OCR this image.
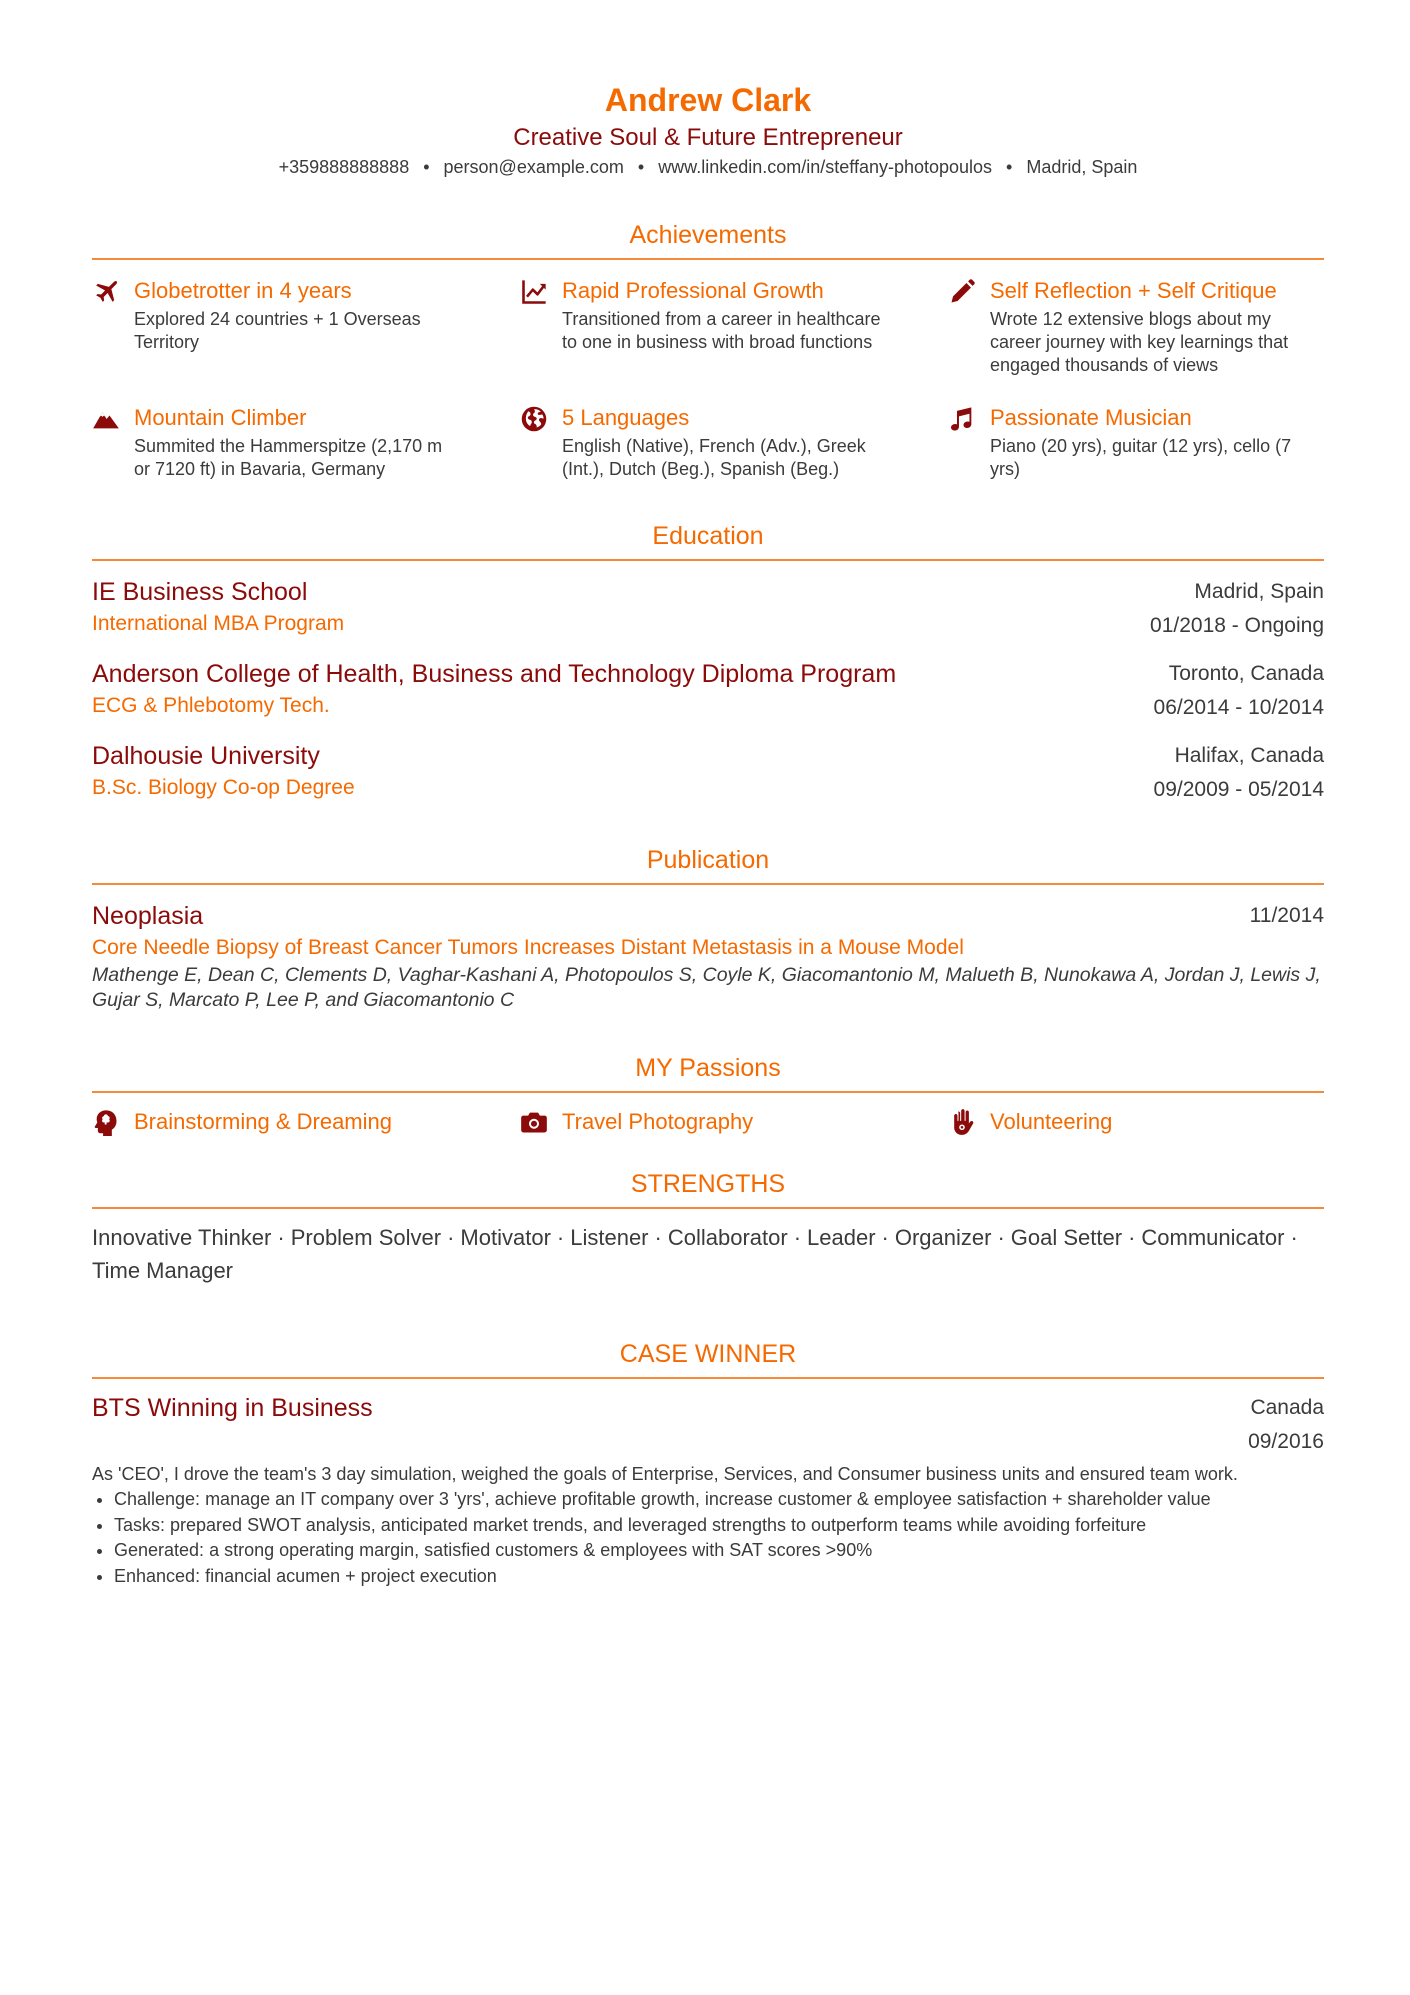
Andrew Clark
Creative Soul & Future Entrepreneur
+359888888888 • person@example.com • www.linkedin.com/in/steffany-photopoulos • Madrid, Spain
Achievements
Globetrotter in 4 years
Explored 24 countries + 1 Overseas Territory
Rapid Professional Growth
Transitioned from a career in healthcare to one in business with broad functions
Self Reflection + Self Critique
Wrote 12 extensive blogs about my career journey with key learnings that engaged thousands of views
Mountain Climber
Summited the Hammerspitze (2,170 m or 7120 ft) in Bavaria, Germany
5 Languages
English (Native), French (Adv.), Greek (Int.), Dutch (Beg.), Spanish (Beg.)
Passionate Musician
Piano (20 yrs), guitar (12 yrs), cello (7 yrs)
Education
IE Business School
International MBA Program
Madrid, Spain
01/2018 - Ongoing
Anderson College of Health, Business and Technology Diploma Program
ECG & Phlebotomy Tech.
Toronto, Canada
06/2014 - 10/2014
Dalhousie University
B.Sc. Biology Co-op Degree
Halifax, Canada
09/2009 - 05/2014
Publication
Neoplasia	11/2014
Core Needle Biopsy of Breast Cancer Tumors Increases Distant Metastasis in a Mouse Model
Mathenge E, Dean C, Clements D, Vaghar-Kashani A, Photopoulos S, Coyle K, Giacomantonio M, Malueth B, Nunokawa A, Jordan J, Lewis J, Gujar S, Marcato P, Lee P, and Giacomantonio C
MY Passions
Brainstorming & Dreaming	Travel Photography	Volunteering
STRENGTHS
Innovative Thinker · Problem Solver · Motivator · Listener · Collaborator · Leader · Organizer · Goal Setter · Communicator ·
Time Manager
CASE WINNER
BTS Winning in Business	Canada
09/2016
As 'CEO', I drove the team's 3 day simulation, weighed the goals of Enterprise, Services, and Consumer business units and ensured team work.
• Challenge: manage an IT company over 3 'yrs', achieve profitable growth, increase customer & employee satisfaction + shareholder value
• Tasks: prepared SWOT analysis, anticipated market trends, and leveraged strengths to outperform teams while avoiding forfeiture
• Generated: a strong operating margin, satisfied customers & employees with SAT scores >90%
• Enhanced: financial acumen + project execution
